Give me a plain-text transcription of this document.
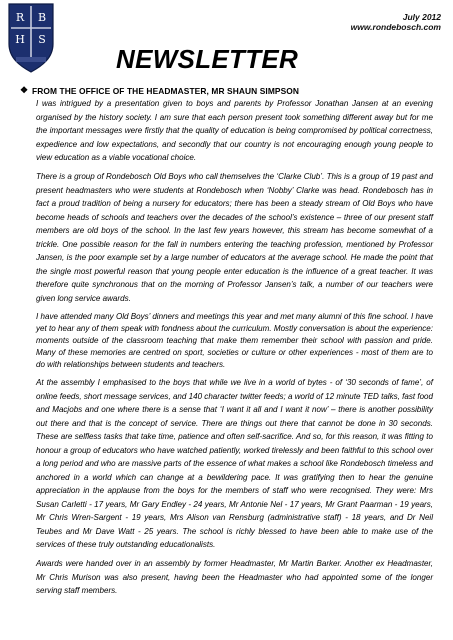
R B
H S
July 2012
www.rondebosch.com
NEWSLETTER
❖ FROM THE OFFICE OF THE HEADMASTER, MR SHAUN SIMPSON

I was intrigued by a presentation given to boys and parents by Professor Jonathan Jansen at an evening organised by the history society. I am sure that each person present took something different away but for me the important messages were firstly that the quality of education is being compromised by political correctness, expedience and low expectations, and secondly that our country is not encouraging enough young people to view education as a viable vocational choice.

There is a group of Rondebosch Old Boys who call themselves the ‘Clarke Club’. This is a group of 19 past and present headmasters who were students at Rondebosch when ‘Nobby’ Clarke was head. Rondebosch has in fact a proud tradition of being a nursery for educators; there has been a steady stream of Old Boys who have become heads of schools and teachers over the decades of the school’s existence – three of our present staff members are old boys of the school. In the last few years however, this stream has become somewhat of a trickle. One possible reason for the fall in numbers entering the teaching profession, mentioned by Professor Jansen, is the poor example set by a large number of educators at the average school. He made the point that the single most powerful reason that young people enter education is the influence of a great teacher. It was therefore quite synchronous that on the morning of Professor Jansen’s talk, a number of our teachers were given long service awards.

I have attended many Old Boys’ dinners and meetings this year and met many alumni of this fine school. I have yet to hear any of them speak with fondness about the curriculum. Mostly conversation is about the experience: moments outside of the classroom teaching that make them remember their school with passion and pride. Many of these memories are centred on sport, societies or culture or other experiences - most of them are to do with relationships between students and teachers.

At the assembly I emphasised to the boys that while we live in a world of bytes - of ‘30 seconds of fame’, of online feeds, short message services, and 140 character twitter feeds; a world of 12 minute TED talks, fast food and Macjobs and one where there is a sense that ‘I want it all and I want it now’ – there is another possibility out there and that is the concept of service. There are things out there that cannot be done in 30 seconds. These are selfless tasks that take time, patience and often self-sacrifice. And so, for this reason, it was fitting to honour a group of educators who have watched patiently, worked tirelessly and been faithful to this school over a long period and who are massive parts of the essence of what makes a school like Rondebosch timeless and anchored in a world which can change at a bewildering pace. It was gratifying then to hear the genuine appreciation in the applause from the boys for the members of staff who were recognised. They were: Mrs Susan Carletti - 17 years, Mr Gary Endley - 24 years, Mr Antonie Nel - 17 years, Mr Grant Paarman - 19 years, Mr Chris Wren-Sargent - 19 years, Mrs Alison van Rensburg (administrative staff) - 18 years, and Dr Neil Teubes and Mr Dave Watt - 25 years. The school is richly blessed to have been able to make use of the services of these truly outstanding educationalists.

Awards were handed over in an assembly by former Headmaster, Mr Martin Barker. Another ex Headmaster, Mr Chris Murison was also present, having been the Headmaster who had appointed some of the longer serving staff members.
